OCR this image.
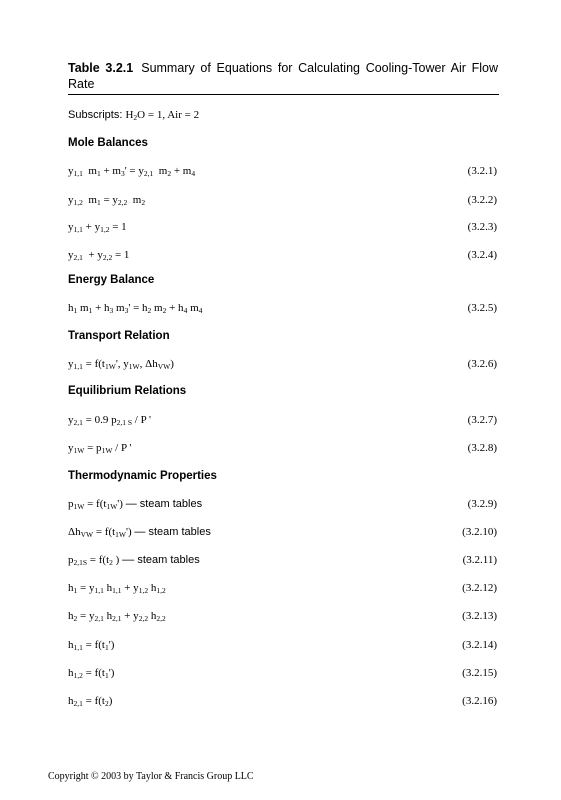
Table 3.2.1 Summary of Equations for Calculating Cooling-Tower Air Flow Rate
Subscripts: $H_2O = 1$, Air = 2
Mole Balances
$y_{1,1}$  $m_1 + m_3' = y_{2,1}$  $m_2 + m_4$	(3.2.1)
$y_{1,2}$  $m_1 = y_{2,2}$  $m_2$	(3.2.2)
$y_{1,1} + y_{1,2} = 1$	(3.2.3)
$y_{2,1} + y_{2,2} = 1$	(3.2.4)
Energy Balance
$h_1$ $m_1 + h_3$ $m_3' = h_2$ $m_2 + h_4$ $m_4$	(3.2.5)
Transport Relation
$y_{1,1} = f(t_{1W}'$, $y_{1W}$, $\Delta h_{VW}$)	(3.2.6)
Equilibrium Relations
$y_{2,1} = 0.9$ $p_{2,1 S}$ / P '	(3.2.7)
$y_{1W} = p_{1W} / P$ '	(3.2.8)
Thermodynamic Properties
$p_{1W} = f(t_{1W}')$ — steam tables	(3.2.9)
$\Delta h_{VW} = f(t_{1W}')$ — steam tables	(3.2.10)
$p_{2,1S} = f(t_2$ ) –– steam tables	(3.2.11)
$h_1 = y_{1,1}$ $h_{1,1} + y_{1,2}$ $h_{1,2}$	(3.2.12)
$h_2 = y_{2,1}$ $h_{2,1} + y_{2,2}$ $h_{2,2}$	(3.2.13)
$h_{1,1} = f(t_1')$	(3.2.14)
$h_{1,2} = f(t_1')$	(3.2.15)
$h_{2,1} = f(t_2)$	(3.2.16)
Copyright © 2003 by Taylor & Francis Group LLC
